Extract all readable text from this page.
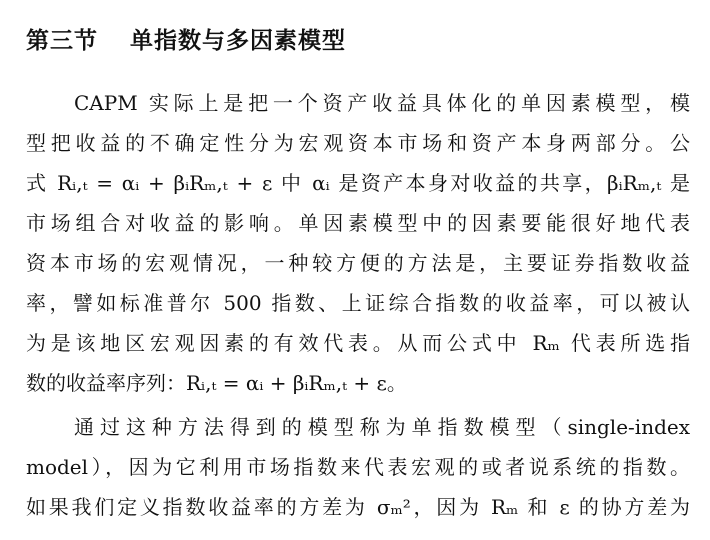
第三节 单指数与多因素模型
CAPM 实际上是把一个资产收益具体化的单因素模型，模
型把收益的不确定性分为宏观资本市场和资产本身两部分。公
式 Rᵢ,ₜ = αᵢ + βᵢRₘ,ₜ + ε 中 αᵢ 是资产本身对收益的共享，βᵢRₘ,ₜ 是
市场组合对收益的影响。单因素模型中的因素要能很好地代表
资本市场的宏观情况，一种较方便的方法是，主要证券指数收益
率，譬如标准普尔 500 指数、上证综合指数的收益率，可以被认
为是该地区宏观因素的有效代表。从而公式中 Rₘ 代表所选指
数的收益率序列：Rᵢ,ₜ = αᵢ + βᵢRₘ,ₜ + ε。
通过这种方法得到的模型称为单指数模型（single-index
model），因为它利用市场指数来代表宏观的或者说系统的指数。
如果我们定义指数收益率的方差为 σₘ²，因为 Rₘ 和 ε 的协方差为
